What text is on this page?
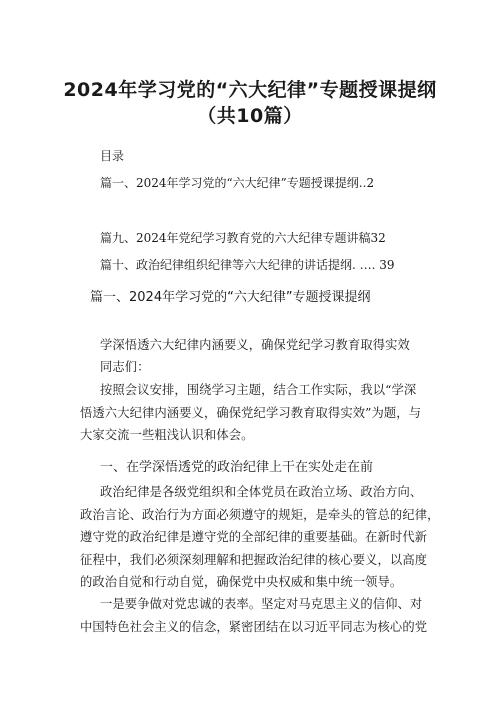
2024年学习党的“六大纪律”专题授课提纲
（共10篇）
目录
篇一、2024年学习党的“六大纪律”专题授课提纲..2
篇九、2024年党纪学习教育党的六大纪律专题讲稿32
篇十、政治纪律组织纪律等六大纪律的讲话提纲. …. 39
篇一、2024年学习党的“六大纪律”专题授课提纲
学深悟透六大纪律内涵要义，确保党纪学习教育取得实效
同志们：
按照会议安排，围绕学习主题，结合工作实际，我以“学深
悟透六大纪律内涵要义，确保党纪学习教育取得实效”为题，与
大家交流一些粗浅认识和体会。
一、在学深悟透党的政治纪律上干在实处走在前
政治纪律是各级党组织和全体党员在政治立场、政治方向、
政治言论、政治行为方面必须遵守的规矩，是牵头的管总的纪律，
遵守党的政治纪律是遵守党的全部纪律的重要基础。在新时代新
征程中，我们必须深刻理解和把握政治纪律的核心要义，以高度
的政治自觉和行动自觉，确保党中央权威和集中统一领导。
一是要争做对党忠诚的表率。坚定对马克思主义的信仰、对
中国特色社会主义的信念，紧密团结在以习近平同志为核心的党
